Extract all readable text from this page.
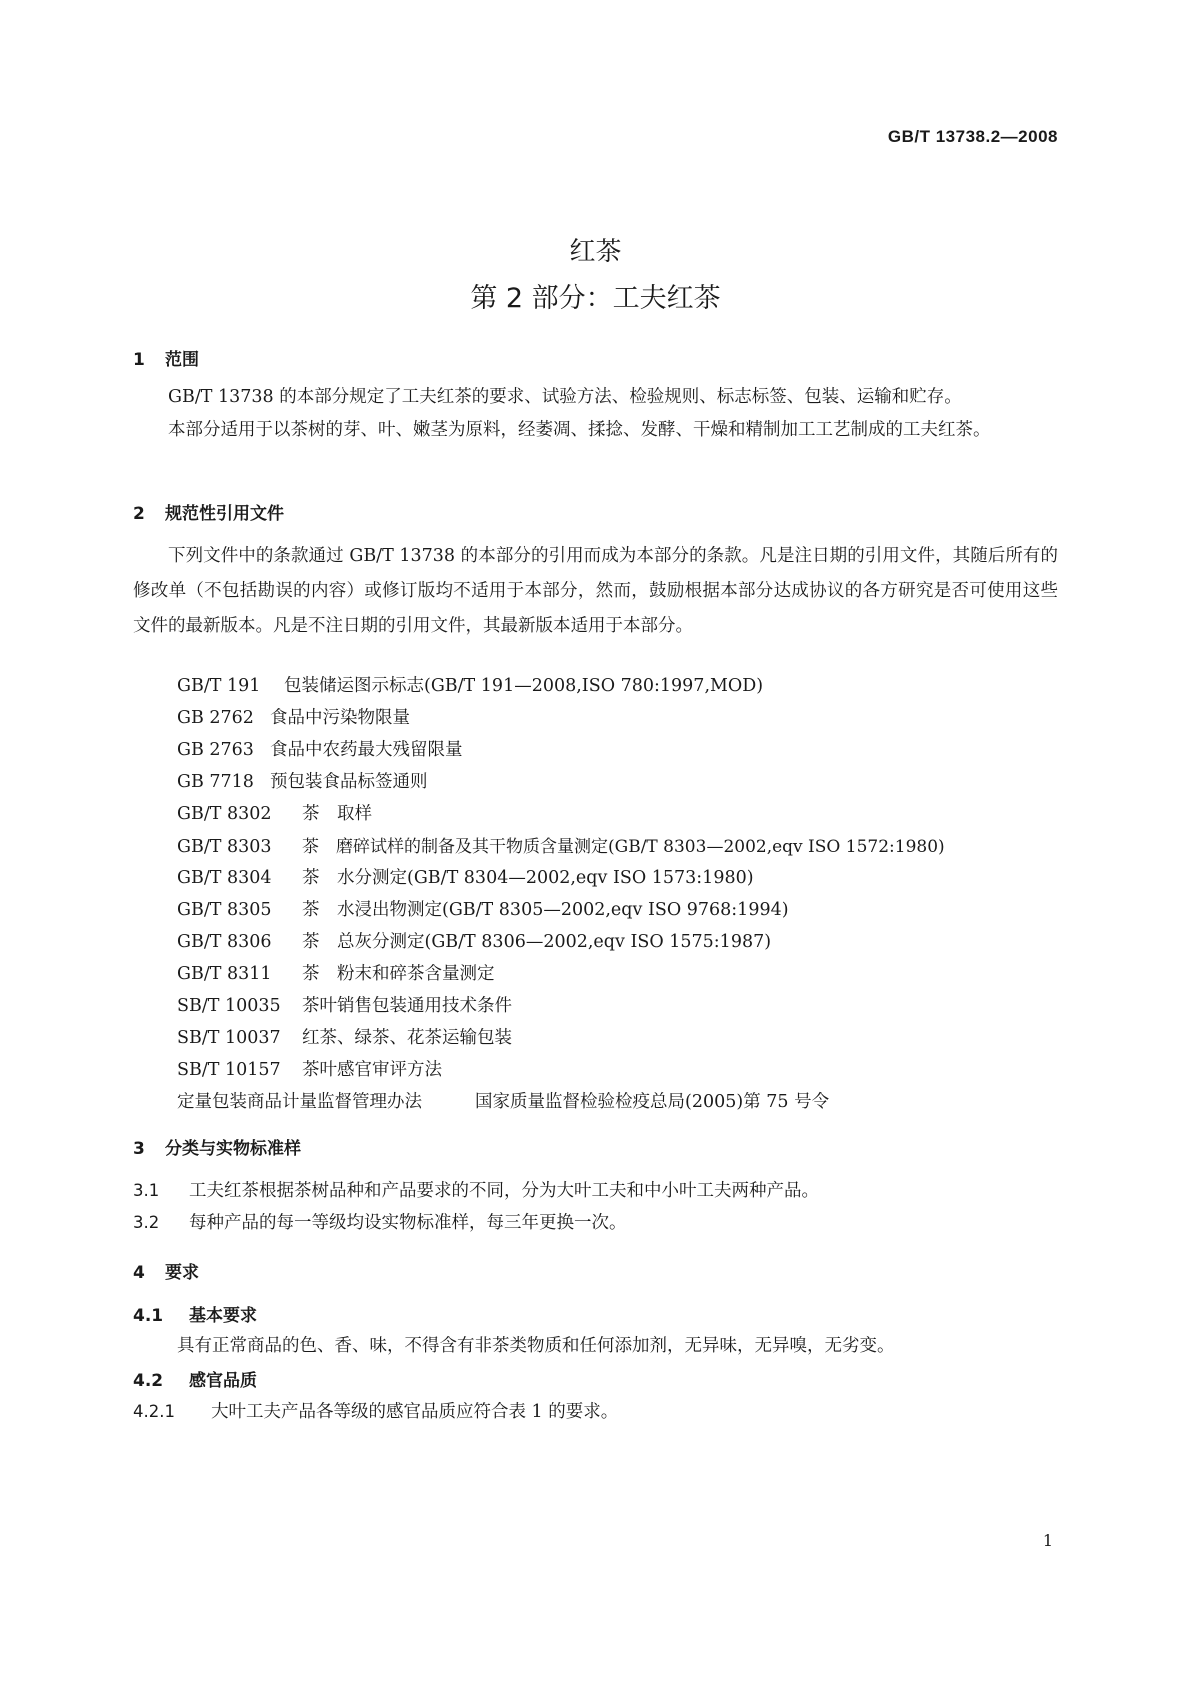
GB/T 13738.2—2008
红茶
第 2 部分：工夫红茶
1 范围

GB/T 13738 的本部分规定了工夫红茶的要求、试验方法、检验规则、标志标签、包装、运输和贮存。

本部分适用于以茶树的芽、叶、嫩茎为原料，经萎凋、揉捻、发酵、干燥和精制加工工艺制成的工夫红茶。

2 规范性引用文件

下列文件中的条款通过 GB/T 13738 的本部分的引用而成为本部分的条款。凡是注日期的引用文件，其随后所有的修改单（不包括勘误的内容）或修订版均不适用于本部分，然而，鼓励根据本部分达成协议的各方研究是否可使用这些文件的最新版本。凡是不注日期的引用文件，其最新版本适用于本部分。

GB/T 191 包装储运图示标志(GB/T 191—2008,ISO 780:1997,MOD)
GB 2762 食品中污染物限量
GB 2763 食品中农药最大残留限量
GB 7718 预包装食品标签通则
GB/T 8302 茶　取样
GB/T 8303 茶　磨碎试样的制备及其干物质含量测定(GB/T 8303—2002,eqv ISO 1572:1980)
GB/T 8304 茶　水分测定(GB/T 8304—2002,eqv ISO 1573:1980)
GB/T 8305 茶　水浸出物测定(GB/T 8305—2002,eqv ISO 9768:1994)
GB/T 8306 茶　总灰分测定(GB/T 8306—2002,eqv ISO 1575:1987)
GB/T 8311 茶　粉末和碎茶含量测定
SB/T 10035 茶叶销售包装通用技术条件
SB/T 10037 红茶、绿茶、花茶运输包装
SB/T 10157 茶叶感官审评方法
定量包装商品计量监督管理办法	国家质量监督检验检疫总局(2005)第 75 号令
3 分类与实物标准样
3.1 工夫红茶根据茶树品种和产品要求的不同，分为大叶工夫和中小叶工夫两种产品。
3.2 每种产品的每一等级均设实物标准样，每三年更换一次。
4 要求
4.1 基本要求
具有正常商品的色、香、味，不得含有非茶类物质和任何添加剂，无异味，无异嗅，无劣变。
4.2 感官品质
4.2.1 大叶工夫产品各等级的感官品质应符合表 1 的要求。
1
